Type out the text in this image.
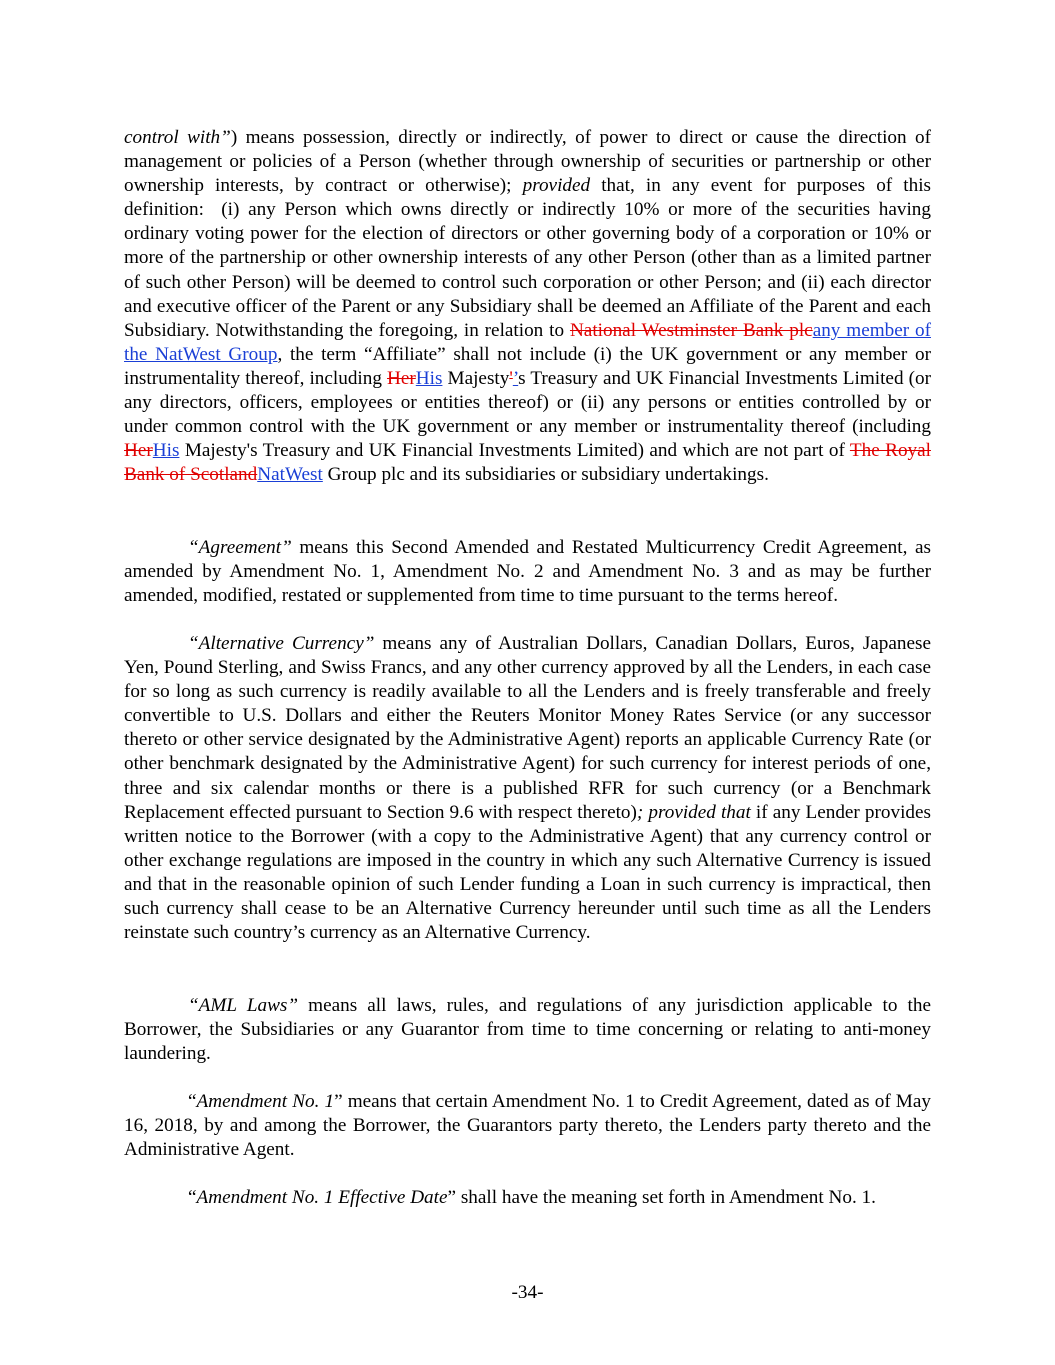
control with”) means possession, directly or indirectly, of power to direct or cause the direction of management or policies of a Person (whether through ownership of securities or partnership or other ownership interests, by contract or otherwise); provided that, in any event for purposes of this definition:  (i) any Person which owns directly or indirectly 10% or more of the securities having ordinary voting power for the election of directors or other governing body of a corporation or 10% or more of the partnership or other ownership interests of any other Person (other than as a limited partner of such other Person) will be deemed to control such corporation or other Person; and (ii) each director and executive officer of the Parent or any Subsidiary shall be deemed an Affiliate of the Parent and each Subsidiary. Notwithstanding the foregoing, in relation to National Westminster Bank plcany member of the NatWest Group, the term “Affiliate” shall not include (i) the UK government or any member or instrumentality thereof, including HerHis Majesty'’s Treasury and UK Financial Investments Limited (or any directors, officers, employees or entities thereof) or (ii) any persons or entities controlled by or under common control with the UK government or any member or instrumentality thereof (including HerHis Majesty's Treasury and UK Financial Investments Limited) and which are not part of The Royal Bank of ScotlandNatWest Group plc and its subsidiaries or subsidiary undertakings.

“Agreement” means this Second Amended and Restated Multicurrency Credit Agreement, as amended by Amendment No. 1, Amendment No. 2 and Amendment No. 3 and as may be further amended, modified, restated or supplemented from time to time pursuant to the terms hereof.

“Alternative Currency” means any of Australian Dollars, Canadian Dollars, Euros, Japanese Yen, Pound Sterling, and Swiss Francs, and any other currency approved by all the Lenders, in each case for so long as such currency is readily available to all the Lenders and is freely transferable and freely convertible to U.S. Dollars and either the Reuters Monitor Money Rates Service (or any successor thereto or other service designated by the Administrative Agent) reports an applicable Currency Rate (or other benchmark designated by the Administrative Agent) for such currency for interest periods of one, three and six calendar months or there is a published RFR for such currency (or a Benchmark Replacement effected pursuant to Section 9.6 with respect thereto); provided that if any Lender provides written notice to the Borrower (with a copy to the Administrative Agent) that any currency control or other exchange regulations are imposed in the country in which any such Alternative Currency is issued and that in the reasonable opinion of such Lender funding a Loan in such currency is impractical, then such currency shall cease to be an Alternative Currency hereunder until such time as all the Lenders reinstate such country’s currency as an Alternative Currency.

“AML Laws” means all laws, rules, and regulations of any jurisdiction applicable to the Borrower, the Subsidiaries or any Guarantor from time to time concerning or relating to anti-money laundering.

“Amendment No. 1” means that certain Amendment No. 1 to Credit Agreement, dated as of May 16, 2018, by and among the Borrower, the Guarantors party thereto, the Lenders party thereto and the Administrative Agent.

“Amendment No. 1 Effective Date” shall have the meaning set forth in Amendment No. 1.

-34-
